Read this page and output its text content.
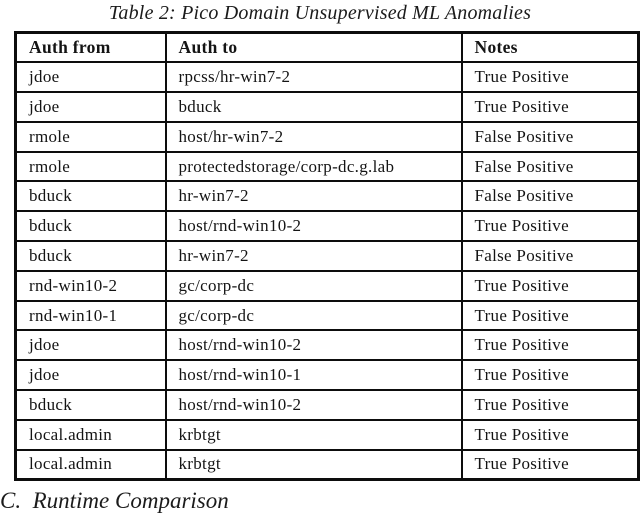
Table 2: Pico Domain Unsupervised ML Anomalies
Auth from	Auth to	Notes
jdoe	rpcss/hr-win7-2	True Positive
jdoe	bduck	True Positive
rmole	host/hr-win7-2	False Positive
rmole	protectedstorage/corp-dc.g.lab	False Positive
bduck	hr-win7-2	False Positive
bduck	host/rnd-win10-2	True Positive
bduck	hr-win7-2	False Positive
rnd-win10-2	gc/corp-dc	True Positive
rnd-win10-1	gc/corp-dc	True Positive
jdoe	host/rnd-win10-2	True Positive
jdoe	host/rnd-win10-1	True Positive
bduck	host/rnd-win10-2	True Positive
local.admin	krbtgt	True Positive
local.admin	krbtgt	True Positive
C.  Runtime Comparison
